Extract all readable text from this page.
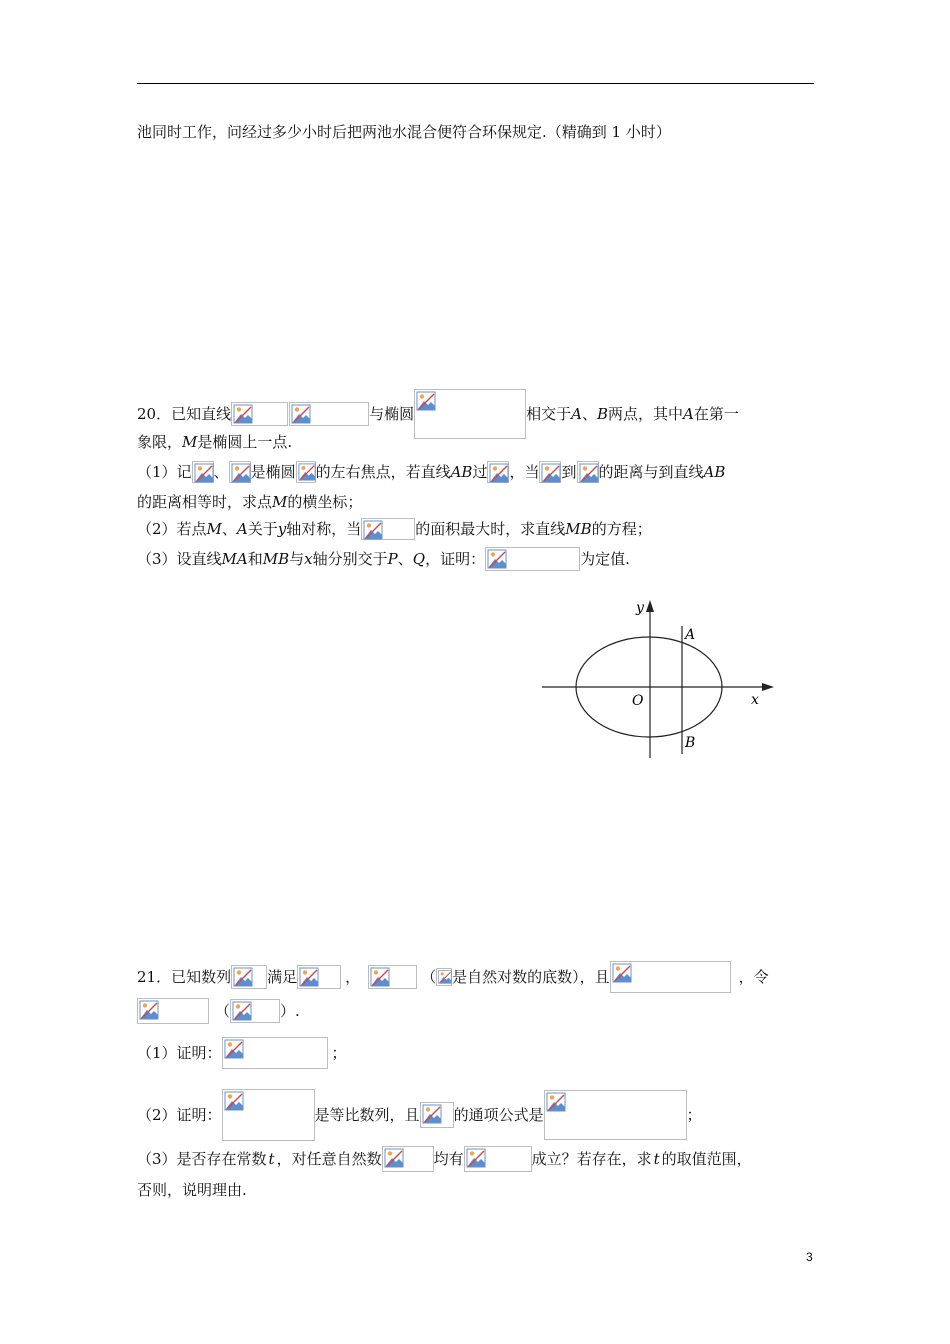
池同时工作，问经过多少小时后把两池水混合便符合环保规定.（精确到 1 小时）
20．已知直线	与椭圆	相交于 A 、 B 两点，其中 A 在第一
象限， M 是椭圆上一点.
（1）记 、 是椭圆 的左右焦点，若直线 AB 过 ，当 到 的距离与到直线 AB
的距离相等时，求点 M 的横坐标；
（2）若点 M 、 A 关于 y 轴对称，当	的面积最大时，求直线 MB 的方程；
（3）设直线 MA 和 MB 与 x 轴分别交于 P 、 Q ，证明：	为定值.
y
x
O
A
B
21．已知数列 满足	，	（ 是自然对数的底数），且	，令
（	）.
（1）证明：	；
（2）证明：	是等比数列，且 的通项公式是	；
（3）是否存在常数 t ，对任意自然数	均有	成立？若存在，求 t 的取值范围，
否则，说明理由.
3
